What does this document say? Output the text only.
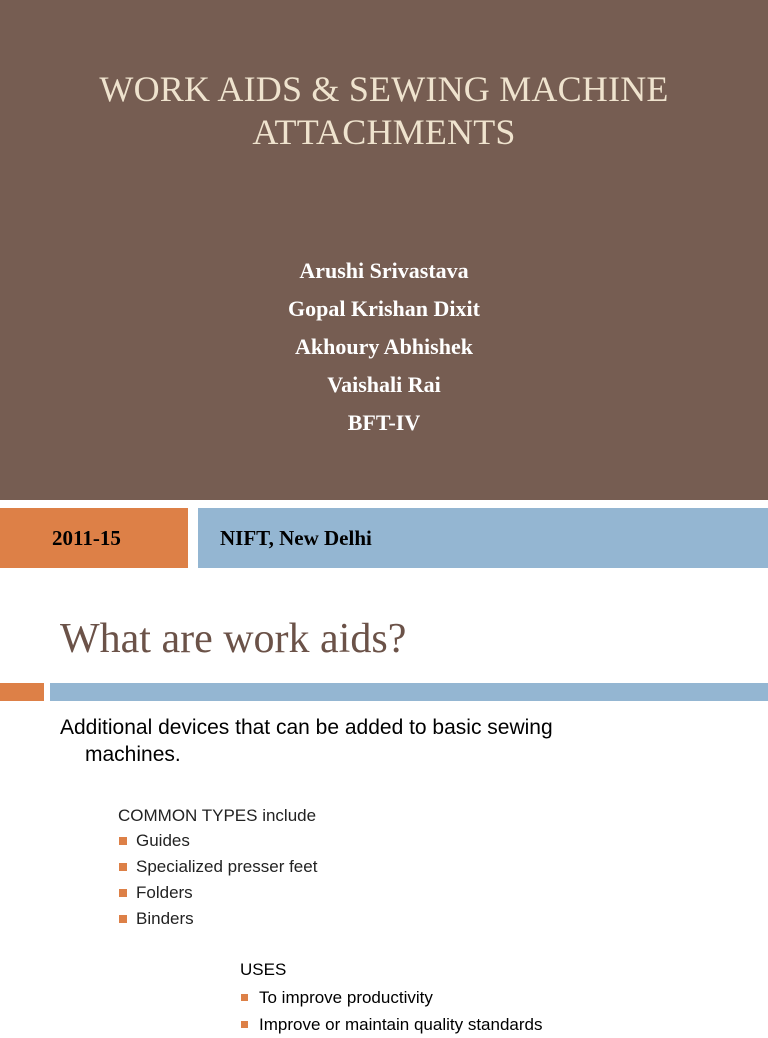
WORK AIDS & SEWING MACHINE
ATTACHMENTS
Arushi Srivastava
Gopal Krishan Dixit
Akhoury Abhishek
Vaishali Rai
BFT-IV
2011-15	NIFT, New Delhi
What are work aids?
Additional devices that can be added to basic sewing
machines.
COMMON TYPES include
Guides
Specialized presser feet
Folders
Binders
USES
To improve productivity
Improve or maintain quality standards
